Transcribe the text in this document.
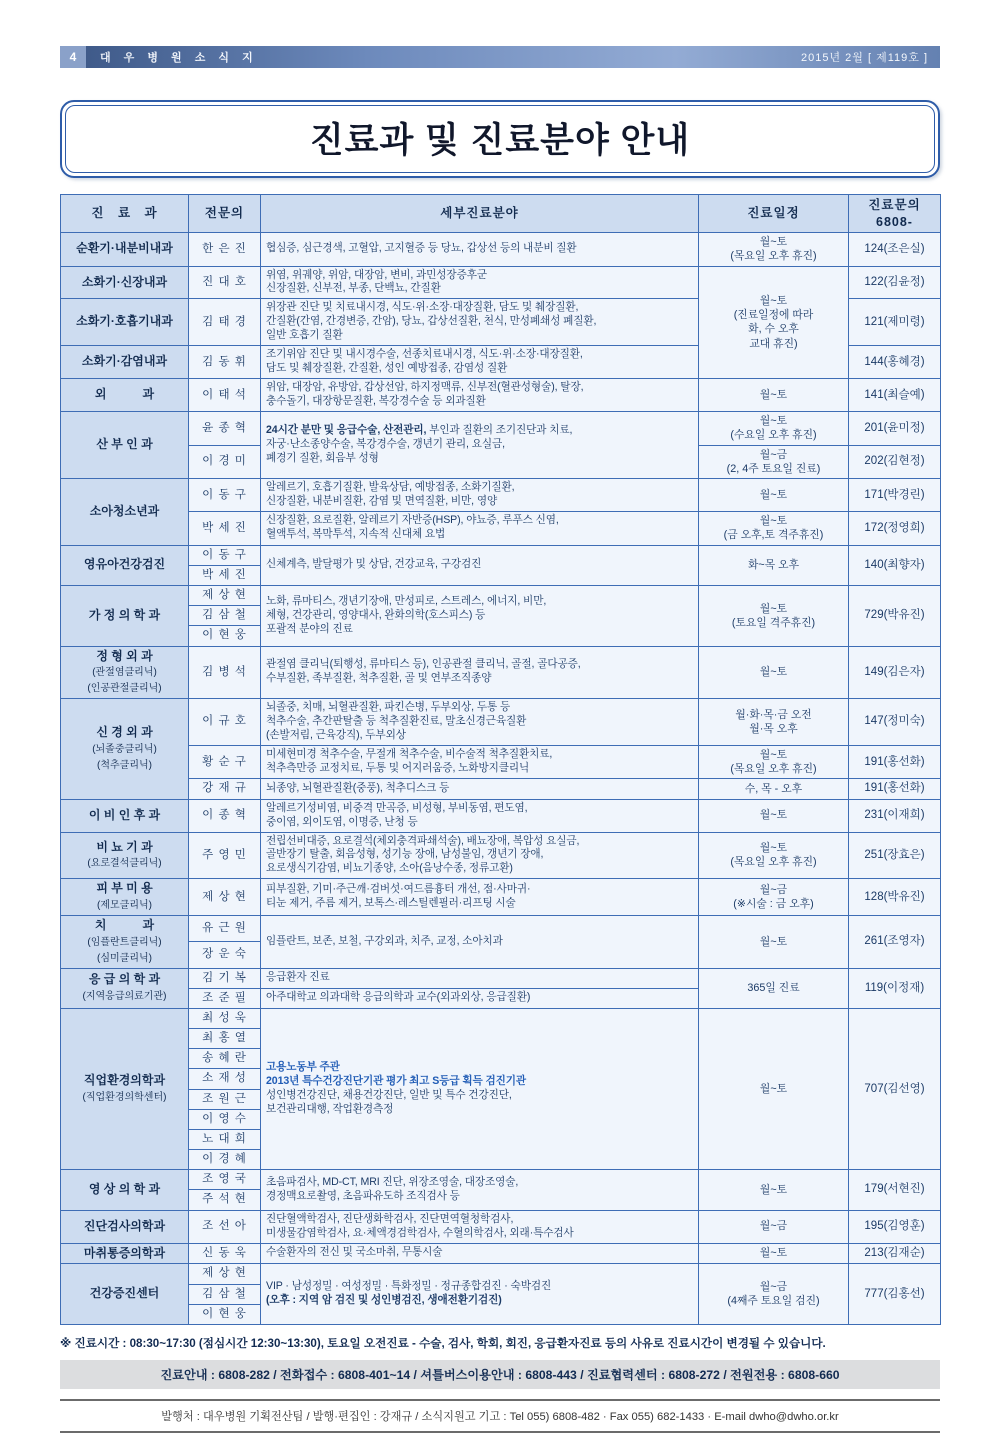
4	대 우 병 원 소 식 지	2015년 2월 [ 제119호 ]
진료과 및 진료분야 안내
진　료　과	전문의	세부진료분야	진료일정	진료문의
6808-
순환기·내분비내과	한 은 진	협심증, 심근경색, 고혈압, 고지혈증 등 당뇨, 갑상선 등의 내분비 질환	월~토
(목요일 오후 휴진)	124(조은실)
소화기·신장내과	진 대 호	위염, 위궤양, 위암, 대장암, 변비, 과민성장증후군
신장질환, 신부전, 부종, 단백뇨, 간질환	월~토
(진료일정에 따라
화, 수 오후
교대 휴진)	122(김윤정)
소화기·호흡기내과	김 태 경	위장관 진단 및 치료내시경, 식도·위·소장·대장질환, 담도 및 췌장질환,
간질환(간염, 간경변증, 간암), 당뇨, 갑상선질환, 천식, 만성폐쇄성 폐질환,
일반 호흡기 질환		121(제미령)
소화기·감염내과	김 동 휘	조기위암 진단 및 내시경수술, 선종치료내시경, 식도·위·소장·대장질환,
담도 및 췌장질환, 간질환, 성인 예방접종, 감염성 질환		144(홍혜경)
외　　　과	이 태 석	위암, 대장암, 유방암, 갑상선암, 하지정맥류, 신부전(혈관성형술), 탈장,
충수돌기, 대장항문질환, 복강경수술 등 외과질환	월~토	141(최슬예)
산 부 인 과	윤 종 혁	24시간 분만 및 응급수술, 산전관리, 부인과 질환의 조기진단과 치료,
자궁·난소종양수술, 복강경수술, 갱년기 관리, 요실금,
폐경기 질환, 회음부 성형	월~토
(수요일 오후 휴진)	201(윤미정)
	이 경 미		월~금
(2, 4주 토요일 진료)	202(김현정)
소아청소년과	이 동 구	알레르기, 호흡기질환, 발육상담, 예방접종, 소화기질환,
신장질환, 내분비질환, 감염 및 면역질환, 비만, 영양	월~토	171(박경린)
	박 세 진	신장질환, 요로질환, 알레르기 자반증(HSP), 야뇨증, 루푸스 신염,
혈액투석, 복막투석, 지속적 신대체 요법	월~토
(금 오후,토 격주휴진)	172(정영희)
영유아건강검진	이 동 구	신체계측, 발달평가 및 상담, 건강교육, 구강검진	화~목 오후	140(최향자)
	박 세 진			
가 정 의 학 과	제 상 현	노화, 류마티스, 갱년기장애, 만성피로, 스트레스, 에너지, 비만,
체형, 건강관리, 영양대사, 완화의학(호스피스) 등
포괄적 분야의 진료	월~토
(토요일 격주휴진)	729(박유진)
	김 삼 철			
	이 현 웅			
정 형 외 과
(관절염클리닉)
(인공관절클리닉)	김 병 석	관절염 클리닉(퇴행성, 류마티스 등), 인공관절 클리닉, 골절, 골다공증,
수부질환, 족부질환, 척추질환, 골 및 연부조직종양	월~토	149(김은자)
신 경 외 과
(뇌졸중클리닉)
(척추클리닉)	이 규 호	뇌졸중, 치매, 뇌혈관질환, 파킨슨병, 두부외상, 두통 등
척추수술, 추간판탈출 등 척추질환진료, 말초신경근육질환
(손발저림, 근육강직), 두부외상	월·화·목·금 오전
월·목 오후	147(정미숙)
	황 순 구	미세현미경 척추수술, 무절개 척추수술, 비수술적 척추질환치료,
척추측만증 교정치료, 두통 및 어지러움증, 노화방지클리닉	월~토
(목요일 오후 휴진)	191(홍선화)
	강 재 규	뇌종양, 뇌혈관질환(중풍), 척추디스크 등	수, 목 - 오후	191(홍선화)
이 비 인 후 과	이 종 혁	알레르기성비염, 비중격 만곡증, 비성형, 부비동염, 편도염,
중이염, 외이도염, 이명증, 난청 등	월~토	231(이재희)
비 뇨 기 과
(요로결석클리닉)	주 영 민	전립선비대증, 요로결석(체외충격파쇄석술), 배뇨장애, 복압성 요실금,
골반장기 탈출, 회음성형, 성기능 장애, 남성불임, 갱년기 장애,
요로생식기감염, 비뇨기종양, 소아(음낭수종, 정류고환)	월~토
(목요일 오후 휴진)	251(장효은)
피 부 미 용
(제모클리닉)	제 상 현	피부질환, 기미·주근깨·검버섯·여드름흉터 개선, 점·사마귀·
티눈 제거, 주름 제거, 보톡스·레스틸렌필러·리프팅 시술	월~금
(※시술 : 금 오후)	128(박유진)
치　　　과
(임플란트클리닉)
(심미클리닉)	유 근 원	임플란트, 보존, 보철, 구강외과, 치주, 교정, 소아치과	월~토	261(조영자)
	장 운 숙			
응 급 의 학 과
(지역응급의료기관)	김 기 복	응급환자 진료	365일 진료	119(이정재)
	조 준 필	아주대학교 의과대학 응급의학과 교수(외과외상, 응급질환)		
직업환경의학과
(직업환경의학센터)	최 성 욱	고용노동부 주관
2013년 특수건강진단기관 평가 최고 S등급 획득 검진기관
성인병건강진단, 채용건강진단, 일반 및 특수 건강진단,
보건관리대행, 작업환경측정	월~토	707(김선영)
	최 홍 열			
	송 혜 란			
	소 재 성			
	조 원 근			
	이 영 수			
	노 대 희			
	이 경 혜			
영 상 의 학 과	조 영 국	초음파검사, MD-CT, MRI 진단, 위장조영술, 대장조영술,
경정맥요로촬영, 초음파유도하 조직검사 등	월~토	179(서현진)
	주 석 현			
진단검사의학과	조 선 아	진단혈액학검사, 진단생화학검사, 진단면역혈청학검사,
미생물감염학검사, 요·체액경검학검사, 수혈의학검사, 외래·특수검사	월~금	195(김영훈)
마취통증의학과	신 동 욱	수술환자의 전신 및 국소마취, 무통시술	월~토	213(김재순)
건강증진센터	제 상 현	VIP · 남성정밀 · 여성정밀 · 특화정밀 · 정규종합검진 · 숙박검진
(오후 : 지역 암 검진 및 성인병검진, 생애전환기검진)	월~금
(4째주 토요일 검진)	777(김홍선)
	김 삼 철			
	이 현 웅			
※ 진료시간 : 08:30~17:30 (점심시간 12:30~13:30), 토요일 오전진료 - 수술, 검사, 학회, 회진, 응급환자진료 등의 사유로 진료시간이 변경될 수 있습니다.
진료안내 : 6808-282 / 전화접수 : 6808-401~14 / 셔틀버스이용안내 : 6808-443 / 진료협력센터 : 6808-272 / 전원전용 : 6808-660
발행처 : 대우병원 기획전산팀 / 발행·편집인 : 강재규 / 소식지원고 기고 : Tel 055) 6808-482 · Fax 055) 682-1433 · E-mail dwho@dwho.or.kr
